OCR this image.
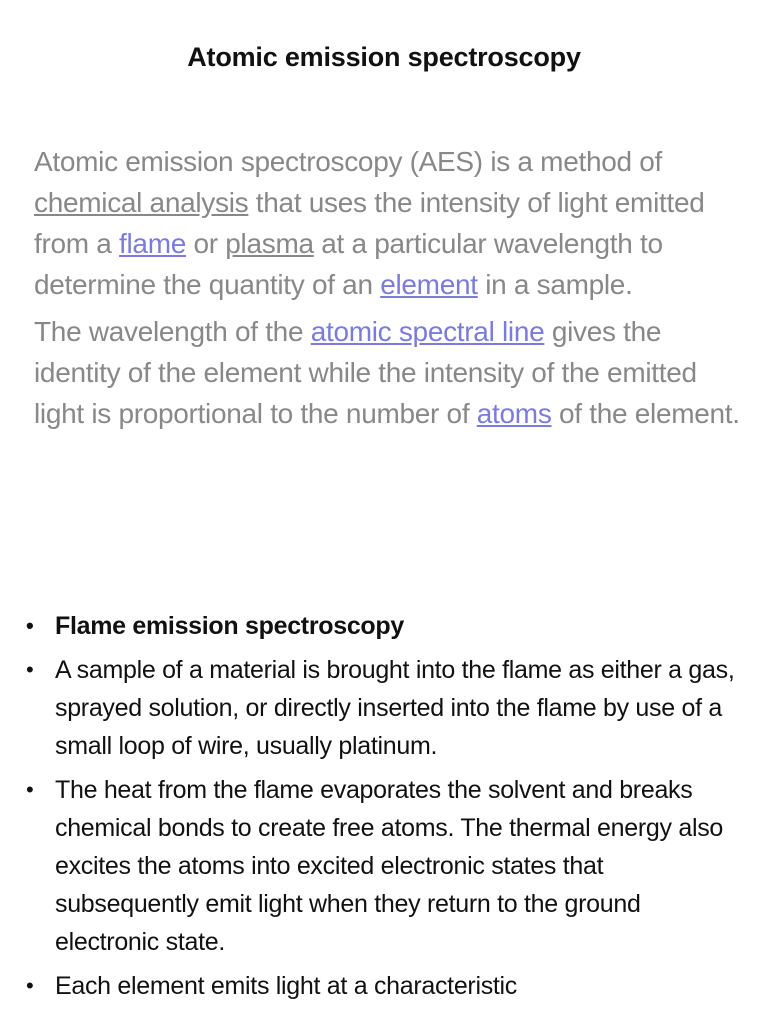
Atomic emission spectroscopy

Atomic emission spectroscopy (AES) is a method of chemical analysis that uses the intensity of light emitted from a flame or plasma at a particular wavelength to determine the quantity of an element in a sample.

The wavelength of the atomic spectral line gives the identity of the element while the intensity of the emitted light is proportional to the number of atoms of the element.

• Flame emission spectroscopy
• A sample of a material is brought into the flame as either a gas, sprayed solution, or directly inserted into the flame by use of a small loop of wire, usually platinum.
• The heat from the flame evaporates the solvent and breaks chemical bonds to create free atoms. The thermal energy also excites the atoms into excited electronic states that subsequently emit light when they return to the ground electronic state.
• Each element emits light at a characteristic
